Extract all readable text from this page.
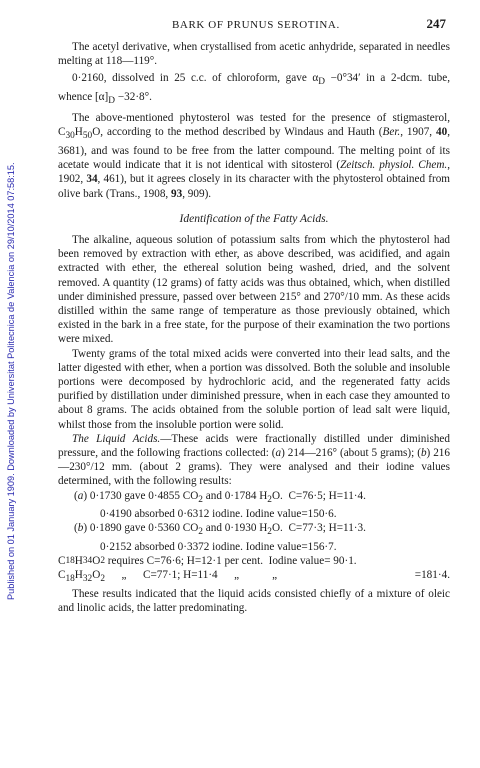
Published on 01 January 1909. Downloaded by Universitat Politecnica de Valencia on 29/10/2014 07:58:15.
BARK OF PRUNUS SEROTINA.	247

The acetyl derivative, when crystallised from acetic anhydride, separated in needles melting at 118—119°.

0·2160, dissolved in 25 c.c. of chloroform, gave $\alpha_D -0^\circ 34'$ in a 2-dcm. tube, whence $[\alpha]_D -32\cdot 8^\circ$.

The above-mentioned phytosterol was tested for the presence of stigmasterol, $C_{30}H_{50}O$, according to the method described by Windaus and Hauth (Ber., 1907, 40, 3681), and was found to be free from the latter compound. The melting point of its acetate would indicate that it is not identical with sitosterol (Zeitsch. physiol. Chem., 1902, 34, 461), but it agrees closely in its character with the phytosterol obtained from olive bark (Trans., 1908, 93, 909).

Identification of the Fatty Acids.

The alkaline, aqueous solution of potassium salts from which the phytosterol had been removed by extraction with ether, as above described, was acidified, and again extracted with ether, the ethereal solution being washed, dried, and the solvent removed. A quantity (12 grams) of fatty acids was thus obtained, which, when distilled under diminished pressure, passed over between 215° and 270°/10 mm. As these acids distilled within the same range of temperature as those previously obtained, which existed in the bark in a free state, for the purpose of their examination the two portions were mixed.

Twenty grams of the total mixed acids were converted into their lead salts, and the latter digested with ether, when a portion was dissolved. Both the soluble and insoluble portions were decomposed by hydrochloric acid, and the regenerated fatty acids purified by distillation under diminished pressure, when in each case they amounted to about 8 grams. The acids obtained from the soluble portion of lead salt were liquid, whilst those from the insoluble portion were solid.

The Liquid Acids.—These acids were fractionally distilled under diminished pressure, and the following fractions collected: (a) 214—216° (about 5 grams); (b) 216—230°/12 mm. (about 2 grams). They were analysed and their iodine values determined, with the following results:

(a) 0·1730 gave 0·4855 $CO_2$ and 0·1784 $H_2O$.  C=76·5; H=11·4.

0·4190 absorbed 0·6312 iodine. Iodine value=150·6.

(b) 0·1890 gave 0·5360 $CO_2$ and 0·1930 $H_2O$.  C=77·3; H=11·3.

0·2152 absorbed 0·3372 iodine. Iodine value=156·7.

C 18 H 34 O 2 requires C=76·6; H=12·1 per cent.  Iodine value= 90·1.

$C_{18}H_{32}O_2$	„	C=77·1; H=11·4	„	„	=181·4.

These results indicated that the liquid acids consisted chiefly of a mixture of oleic and linolic acids, the latter predominating.
